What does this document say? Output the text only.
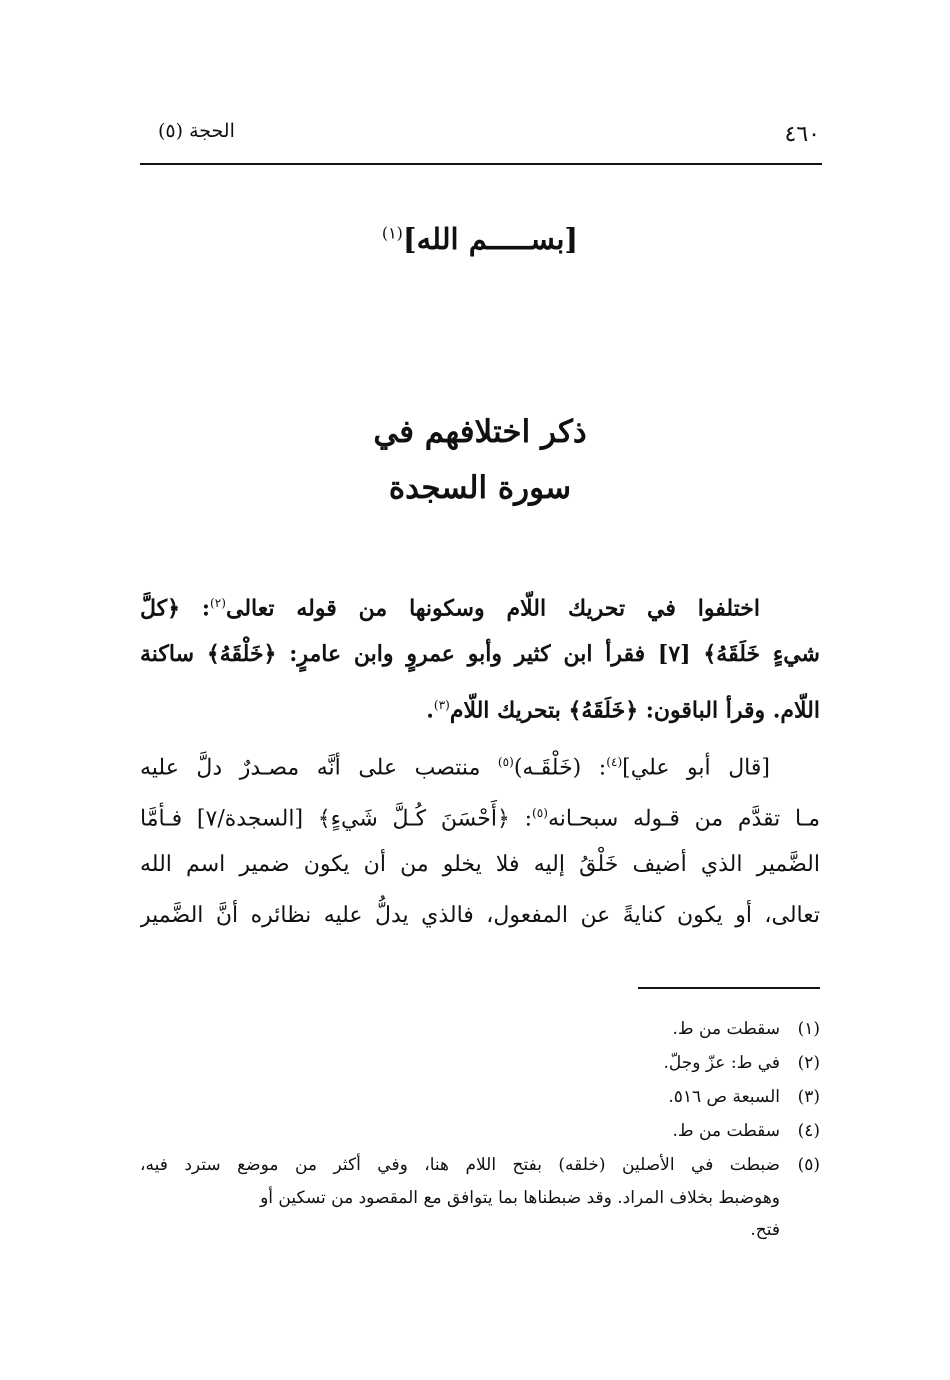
٤٦٠
الحجة (٥)
[بســـــم الله]$^{(١)}$
ذكر اختلافهم في
سورة السجدة
اختلفوا في تحريك اللّام وسكونها من قوله تعالى$^{(٢)}$: ﴿كلَّ
شيءٍ خَلَقَهُ﴾ [٧] فقرأ ابن كثير وأبو عمروٍ وابن عامرٍ: ﴿خَلْقَهُ﴾ ساكنة
اللّام. وقرأ الباقون: ﴿خَلَقَهُ﴾ بتحريك اللّام$^{(٣)}$.
[قال أبو علي]$^{(٤)}$: (خَلْقَـه)$^{(٥)}$ منتصب على أنَّه مصـدرٌ دلَّ عليه
مـا تقدَّم من قـوله سبحـانه$^{(٥)}$: ﴿أَحْسَنَ كُـلَّ شَيءٍ﴾ [السجدة/٧] فـأمَّا
الضَّمير الذي أضيف خَلْقُ إليه فلا يخلو من أن يكون ضمير اسم الله
تعالى، أو يكون كنايةً عن المفعول، فالذي يدلُّ عليه نظائره أنَّ الضَّمير
(١)سقطت من ط.
(٢)في ط: عزّ وجلّ.
(٣)السبعة ص ٥١٦.
(٤)سقطت من ط.
(٥)ضبطت في الأصلين (خلقه) بفتح اللام هنا، وفي أكثر من موضع سترد فيه،
وهوضبط بخلاف المراد. وقد ضبطناها بما يتوافق مع المقصود من تسكين أو
فتح.
